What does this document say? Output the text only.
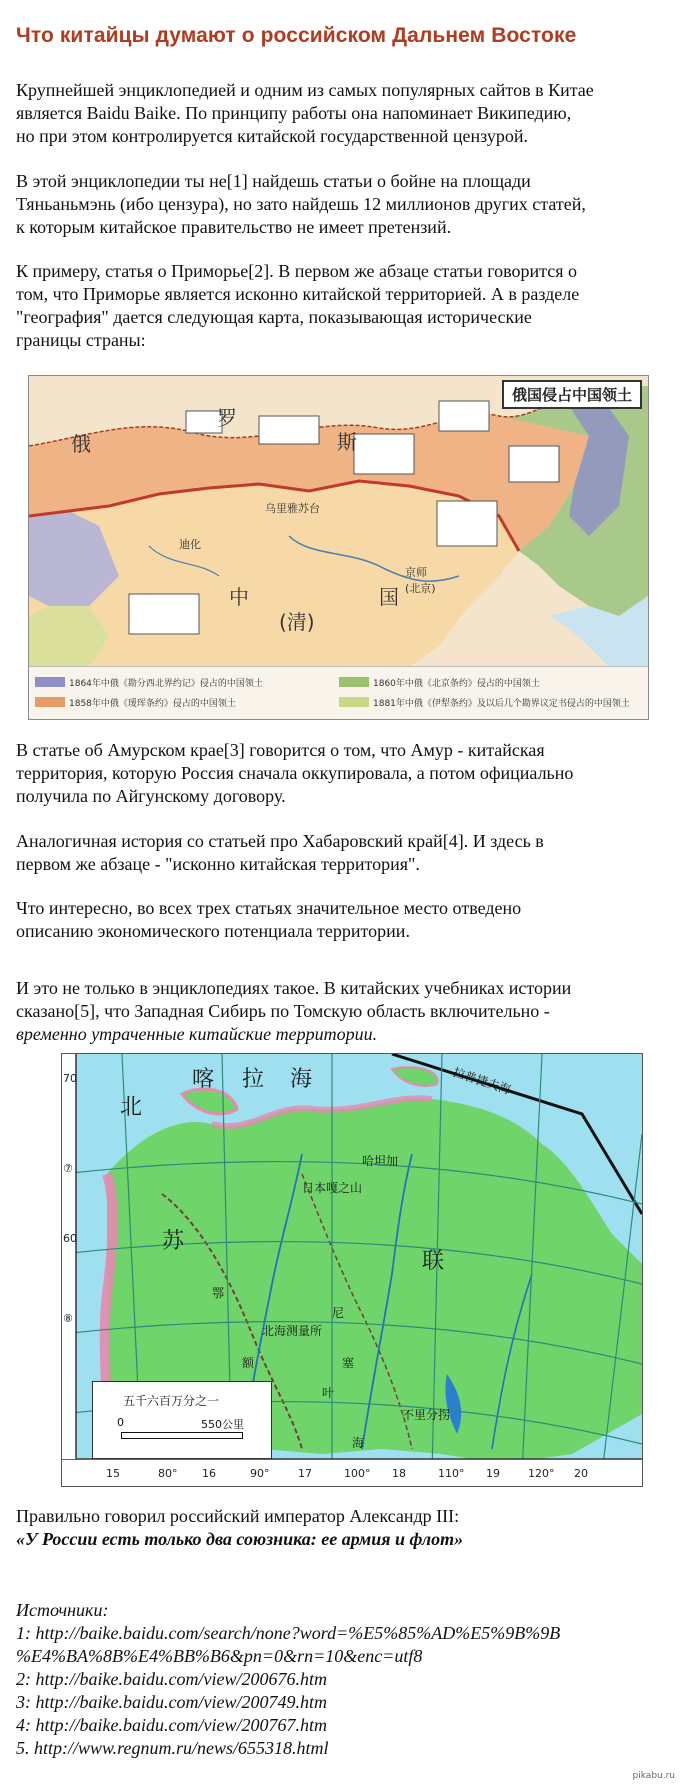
Что китайцы думают о российском Дальнем Востоке

Крупнейшей энциклопедией и одним из самых популярных сайтов в Китае
является Baidu Baike. По принципу работы она напоминает Википедию,
но при этом контролируется китайской государственной цензурой.

В этой энциклопедии ты не[1] найдешь статьи о бойне на площади
Тяньаньмэнь (ибо цензура), но зато найдешь 12 миллионов других статей,
к которым китайское правительство не имеет претензий.

К примеру, статья о Приморье[2]. В первом же абзаце статьи говорится о
том, что Приморье является исконно китайской территорией. А в разделе
"география" дается следующая карта, показывающая исторические
границы страны:

俄国侵占中国领土
俄
罗
斯
乌里雅苏台
迪化
中
(清)
国
京师
(北京)
1864年中俄《勘分西北界约记》侵占的中国领土
1858年中俄《瑷珲条约》侵占的中国领土
1860年中俄《北京条约》侵占的中国领土
1881年中俄《伊犁条约》及以后几个勘界议定书侵占的中国领土

В статье об Амурском крае[3] говорится о том, что Амур - китайская
территория, которую Россия сначала оккупировала, а потом официально
получила по Айгунскому договору.

Аналогичная история со статьей про Хабаровский край[4]. И здесь в
первом же абзаце - "исконно китайская территория".

Что интересно, во всех трех статьях значительное место отведено
описанию экономического потенциала территории.

И это не только в энциклопедиях такое. В китайских учебниках истории
сказано[5], что Западная Сибирь по Томскую область включительно -
временно утраченные китайские территории.

70
⑦
60
⑧
15	80° 16	90°	17	100° 18	110° 19	120° 20
北
喀 拉 海	拉普捷夫海
苏
联
日本嘎之山
北海测量所
不里分拐
哈坦加
额
鄂
叶
尼
塞
海
五千六百万分之一
0	550公里

Правильно говорил российский император Александр III:
«У России есть только два союзника: ее армия и флот»

Источники:
1: http://baike.baidu.com/search/none?word=%E5%85%AD%E5%9B%9B
%E4%BA%8B%E4%BB%B6&pn=0&rn=10&enc=utf8
2: http://baike.baidu.com/view/200676.htm
3: http://baike.baidu.com/view/200749.htm
4: http://baike.baidu.com/view/200767.htm
5. http://www.regnum.ru/news/655318.html

pikabu.ru
